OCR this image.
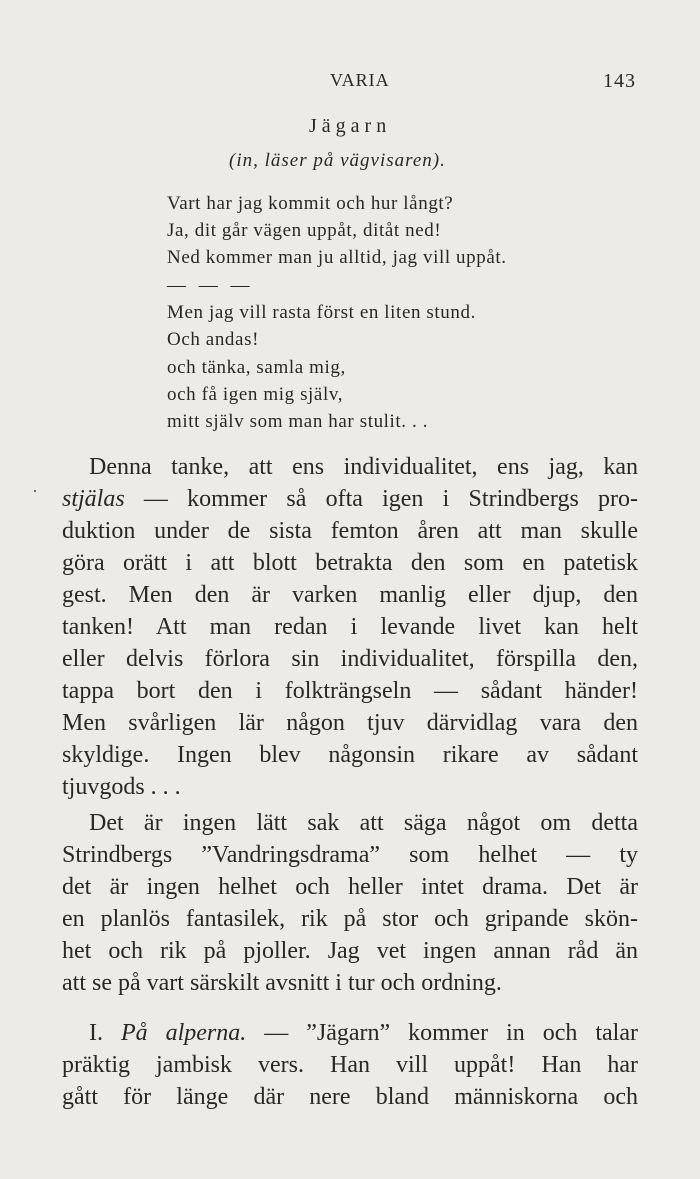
VARIA	143
Jägarn
(in, läser på vägvisaren).
Vart har jag kommit och hur långt?
Ja, dit går vägen uppåt, ditåt ned!
Ned kommer man ju alltid, jag vill uppåt.
— — —
Men jag vill rasta först en liten stund.
Och andas!
och tänka, samla mig,
och få igen mig själv,
mitt själv som man har stulit. . .
·
Denna tanke, att ens individualitet, ens jag, kan
stjälas — kommer så ofta igen i Strindbergs pro-
duktion under de sista femton åren att man skulle
göra orätt i att blott betrakta den som en patetisk
gest. Men den är varken manlig eller djup, den
tanken! Att man redan i levande livet kan helt
eller delvis förlora sin individualitet, förspilla den,
tappa bort den i folkträngseln — sådant händer!
Men svårligen lär någon tjuv därvidlag vara den
skyldige. Ingen blev någonsin rikare av sådant
tjuvgods . . .
Det är ingen lätt sak att säga något om detta
Strindbergs ”Vandringsdrama” som helhet — ty
det är ingen helhet och heller intet drama. Det är
en planlös fantasilek, rik på stor och gripande skön-
het och rik på pjoller. Jag vet ingen annan råd än
att se på vart särskilt avsnitt i tur och ordning.
I. På alperna. — ”Jägarn” kommer in och talar
präktig jambisk vers. Han vill uppåt! Han har
gått för länge där nere bland människorna och
